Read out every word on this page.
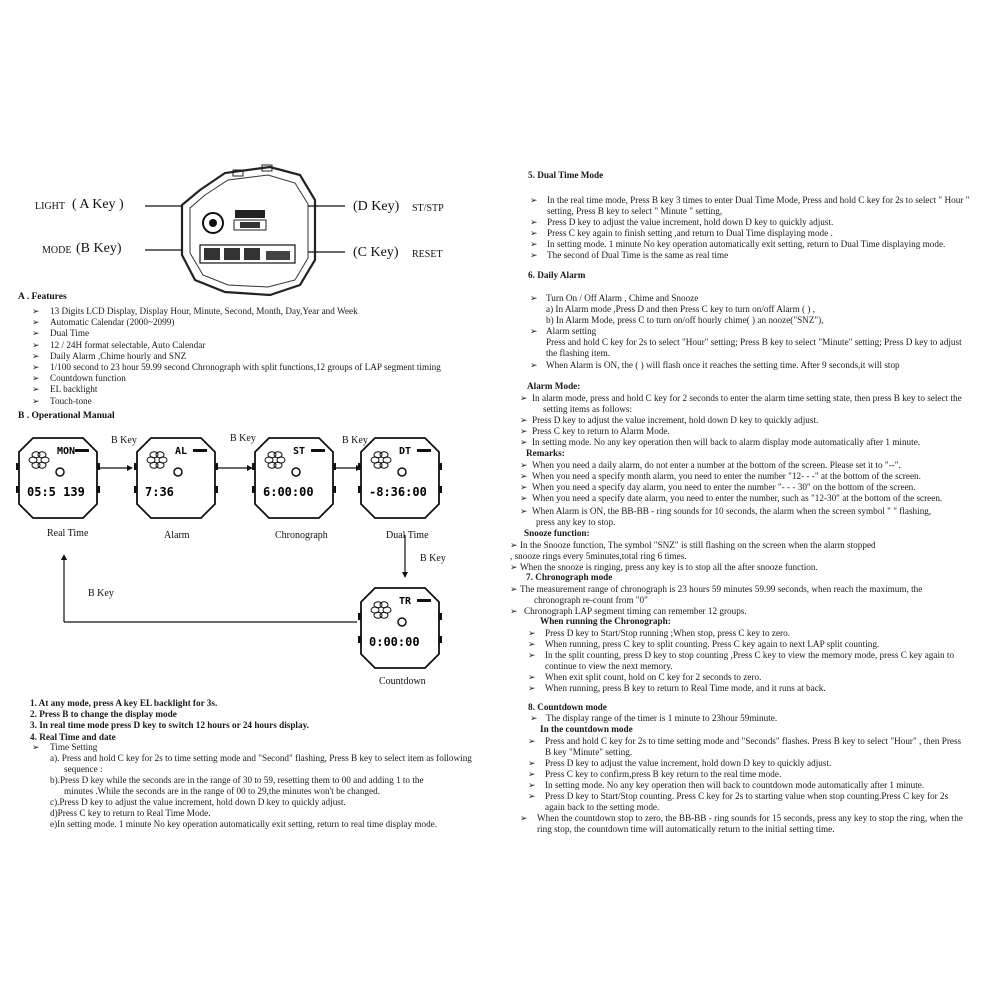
LIGHT ( A Key )
MODE (B Key)
(D Key) ST/STP
(C Key) RESET
A . Features
➢ 13 Digits LCD Display, Display Hour, Minute, Second, Month, Day,Year and Week
➢ Automatic Calendar (2000~2099)
➢ Dual Time
➢ 12 / 24H format selectable, Auto Calendar
➢ Daily Alarm ,Chime hourly and SNZ
➢ 1/100 second to 23 hour 59.99 second Chronograph with split functions,12 groups of LAP segment timing
➢ Countdown function
➢ EL backlight
➢ Touch-tone
B . Operational Manual
MON
05:5 139
AL
7:36
ST
6:00:00
DT
-8:36:00
TR
0:00:00
B Key	B Key	B Key
B Key
B Key
Real Time	Alarm	Chronograph	Dual Time
Countdown
1. At any mode, press A key EL backlight for 3s.
2. Press B to change the display mode
3. In real time mode press D key to switch 12 hours or 24 hours display.
4. Real Time and date
➢ Time Setting
a). Press and hold C key for 2s to time setting mode and "Second" flashing, Press B key to select item as following
sequence :
b).Press D key while the seconds are in the range of 30 to 59, resetting them to 00 and adding 1 to the
minutes .While the seconds are in the range of 00 to 29,the minutes won't be changed.
c).Press D key to adjust the value increment, hold down D key to quickly adjust.
d)Press C key to return to Real Time Mode.
e)In setting mode. 1 minute No key operation automatically exit setting, return to real time display mode.
5. Dual Time Mode
➢ In the real time mode, Press B key 3 times to enter Dual Time Mode, Press and hold C key for 2s to select " Hour "
setting, Press B key to select " Minute " setting,
➢ Press D key to adjust the value increment, hold down D key to quickly adjust.
➢ Press C key again to finish setting ,and return to Dual Time displaying mode .
➢ In setting mode. 1 minute No key operation automatically exit setting, return to Dual Time displaying mode.
➢ The second of Dual Time is the same as real time
6. Daily Alarm
➢ Turn On / Off Alarm , Chime and Snooze
a) In Alarm mode ,Press D and then Press C key to turn on/off Alarm ( ) ,
b) In Alarm Mode, press C to turn on/off hourly chime( ) an nooze("SNZ"),
➢ Alarm setting
Press and hold C key for 2s to select "Hour" setting; Press B key to select "Minute" setting; Press D key to adjust
the flashing item.
➢ When Alarm is ON, the ( ) will flash once it reaches the setting time. After 9 seconds,it will stop
Alarm Mode:
➢ In alarm mode, press and hold C key for 2 seconds to enter the alarm time setting state, then press B key to select the
setting items as follows:
➢ Press D key to adjust the value increment, hold down D key to quickly adjust.
➢ Press C key to return to Alarm Mode.
➢ In setting mode. No any key operation then will back to alarm display mode automatically after 1 minute.
Remarks:
➢ When you need a daily alarm, do not enter a number at the bottom of the screen. Please set it to "--".
➢ When you need a specify month alarm, you need to enter the number "12- - -" at the bottom of the screen.
➢ When you need a specify day alarm, you need to enter the number "- - - 30" on the bottom of the screen.
➢ When you need a specify date alarm, you need to enter the number, such as "12-30" at the bottom of the screen.
➢ When Alarm is ON, the BB-BB - ring sounds for 10 seconds, the alarm when the screen symbol " " flashing,
press any key to stop.
Snooze function:
➢ In the Snooze function, The symbol "SNZ" is still flashing on the screen when the alarm stopped
, snooze rings every 5minutes,total ring 6 times.
➢ When the snooze is ringing, press any key is to stop all the after snooze function.
7. Chronograph mode
➢ The measurement range of chronograph is 23 hours 59 minutes 59.99 seconds, when reach the maximum, the
chronograph re-count from "0"
➢ Chronograph LAP segment timing can remember 12 groups.
When running the Chronograph:
➢ Press D key to Start/Stop running ;When stop, press C key to zero.
➢ When running, press C key to split counting. Press C key again to next LAP split counting.
➢ In the split counting, press D key to stop counting ,Press C key to view the memory mode, press C key again to
continue to view the next memory.
➢ When exit split count, hold on C key for 2 seconds to zero.
➢ When running, press B key to return to Real Time mode, and it runs at back.
8. Countdown mode
➢ The display range of the timer is 1 minute to 23hour 59minute.
In the countdown mode
➢ Press and hold C key for 2s to time setting mode and "Seconds" flashes. Press B key to select "Hour" , then Press
B key "Minute" setting.
➢ Press D key to adjust the value increment, hold down D key to quickly adjust.
➢ Press C key to confirm,press B key return to the real time mode.
➢ In setting mode. No any key operation then will back to countdown mode automatically after 1 minute.
➢ Press D key to Start/Stop counting. Press C key for 2s to starting value when stop counting.Press C key for 2s
again back to the setting mode.
➢ When the countdown stop to zero, the BB-BB - ring sounds for 15 seconds, press any key to stop the ring, when the
ring stop, the countdown time will automatically return to the initial setting time.
